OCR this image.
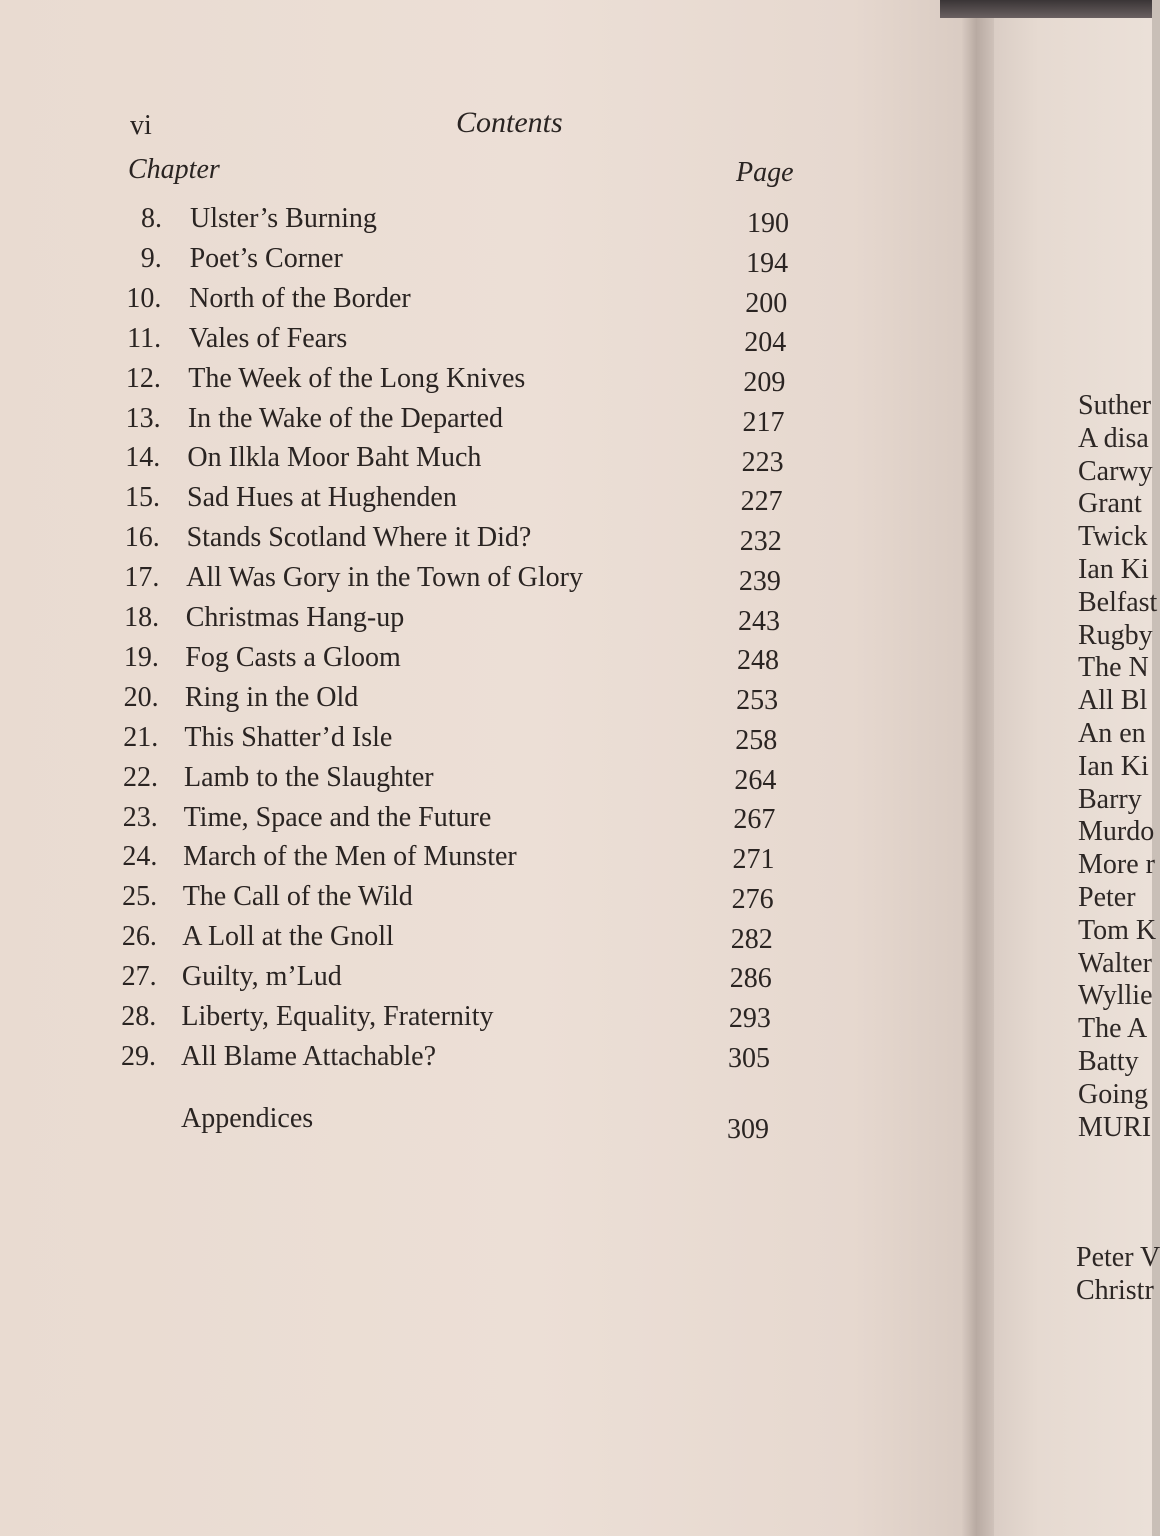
vi	Contents
Chapter	Page
8. Ulster’s Burning	190
9. Poet’s Corner	194
10. North of the Border	200
11. Vales of Fears	204
12. The Week of the Long Knives	209
13. In the Wake of the Departed	217
14. On Ilkla Moor Baht Much	223
15. Sad Hues at Hughenden	227
16. Stands Scotland Where it Did?	232
17. All Was Gory in the Town of Glory	239
18. Christmas Hang-up	243
19. Fog Casts a Gloom	248
20. Ring in the Old	253
21. This Shatter’d Isle	258
22. Lamb to the Slaughter	264
23. Time, Space and the Future	267
24. March of the Men of Munster	271
25. The Call of the Wild	276
26. A Loll at the Gnoll	282
27. Guilty, m’Lud	286
28. Liberty, Equality, Fraternity	293
29. All Blame Attachable?	305
Appendices	309
Suther
A disa
Carwy
Grant
Twick
Ian Ki
Belfast
Rugby
The N
All Bl
An en
Ian Ki
Barry
Murdo
More r
Peter
Tom K
Walter
Wyllie
The A
Batty
Going
MURI
Peter V
Christr
